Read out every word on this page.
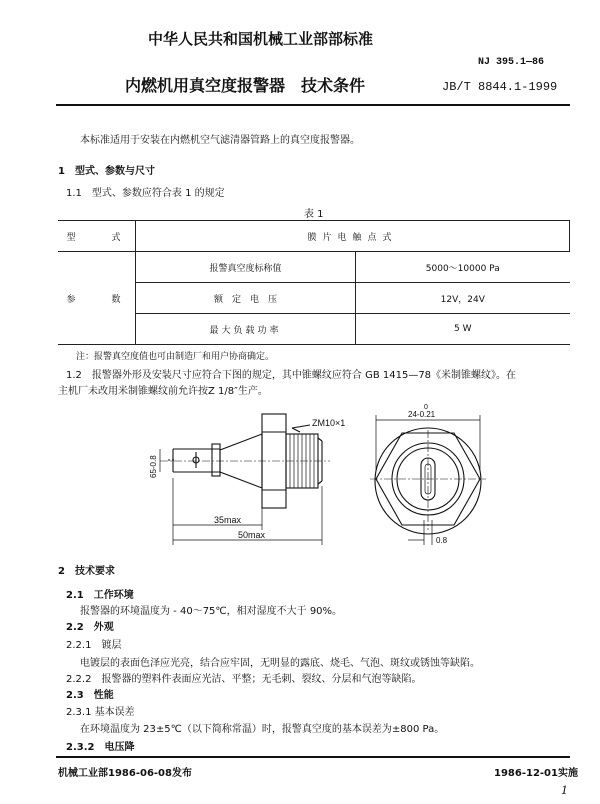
中华人民共和国机械工业部部标准
NJ 395.1—86
内燃机用真空度报警器　技术条件	JB/T 8844.1-1999
本标准适用于安装在内燃机空气滤清器管路上的真空度报警器。
1　型式、参数与尺寸
1.1　型式、参数应符合表 1 的规定
表 1
型　　式	膜片电触点式	
参　　数	报警真空度标称值	5000～10000 Pa
	额　定　电　压	12V，24V
	最大负载功率	5 W
注：报警真空度值也可由制造厂和用户协商确定。
1.2　报警器外形及安装尺寸应符合下图的规定，其中锥螺纹应符合 GB 1415—78《米制锥螺纹》。在
主机厂未改用米制锥螺纹前允许按Z 1/8″生产。
ZM10×1
35max
50max
65-0.8
0
24-0.21
0.8
2　技术要求
2.1　工作环境
报警器的环境温度为 - 40～75℃，相对湿度不大于 90%。
2.2　外观
2.2.1　镀层
电镀层的表面色泽应光亮，结合应牢固，无明显的露底、烧毛、气泡、斑纹或锈蚀等缺陷。
2.2.2　报警器的塑料件表面应光洁、平整；无毛刺、裂纹、分层和气泡等缺陷。
2.3　性能
2.3.1 基本误差
在环境温度为 23±5℃（以下简称常温）时，报警真空度的基本误差为±800 Pa。
2.3.2　电压降
机械工业部1986-06-08发布	1986-12-01实施
1
